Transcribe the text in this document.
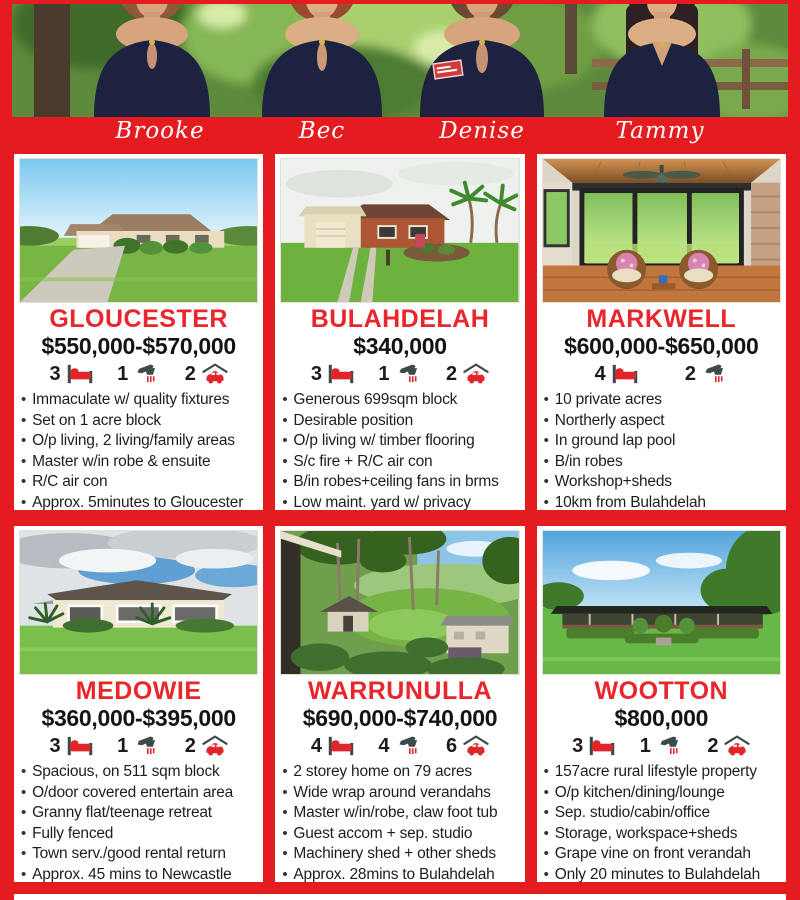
Brooke	Bec	Denise	Tammy
GLOUCESTER
$550,000-$570,000
3	1	2
• Immaculate w/ quality fixtures
• Set on 1 acre block
• O/p living, 2 living/family areas
• Master w/in robe & ensuite
• R/C air con
• Approx. 5minutes to Gloucester
BULAHDELAH
$340,000
3	1	2
• Generous 699sqm block
• Desirable position
• O/p living w/ timber flooring
• S/c fire + R/C air con
• B/in robes+ceiling fans in brms
• Low maint. yard w/ privacy
MARKWELL
$600,000-$650,000
4	2
• 10 private acres
• Northerly aspect
• In ground lap pool
• B/in robes
• Workshop+sheds
• 10km from Bulahdelah
MEDOWIE
$360,000-$395,000
3	1	2
• Spacious, on 511 sqm block
• O/door covered entertain area
• Granny flat/teenage retreat
• Fully fenced
• Town serv./good rental return
• Approx. 45 mins to Newcastle
WARRUNULLA
$690,000-$740,000
4	4	6
• 2 storey home on 79 acres
• Wide wrap around verandahs
• Master w/in/robe, claw foot tub
• Guest accom + sep. studio
• Machinery shed + other sheds
• Approx. 28mins to Bulahdelah
WOOTTON
$800,000
3	1	2
• 157acre rural lifestyle property
• O/p kitchen/dining/lounge
• Sep. studio/cabin/office
• Storage, workspace+sheds
• Grape vine on front verandah
• Only 20 minutes to Bulahdelah
